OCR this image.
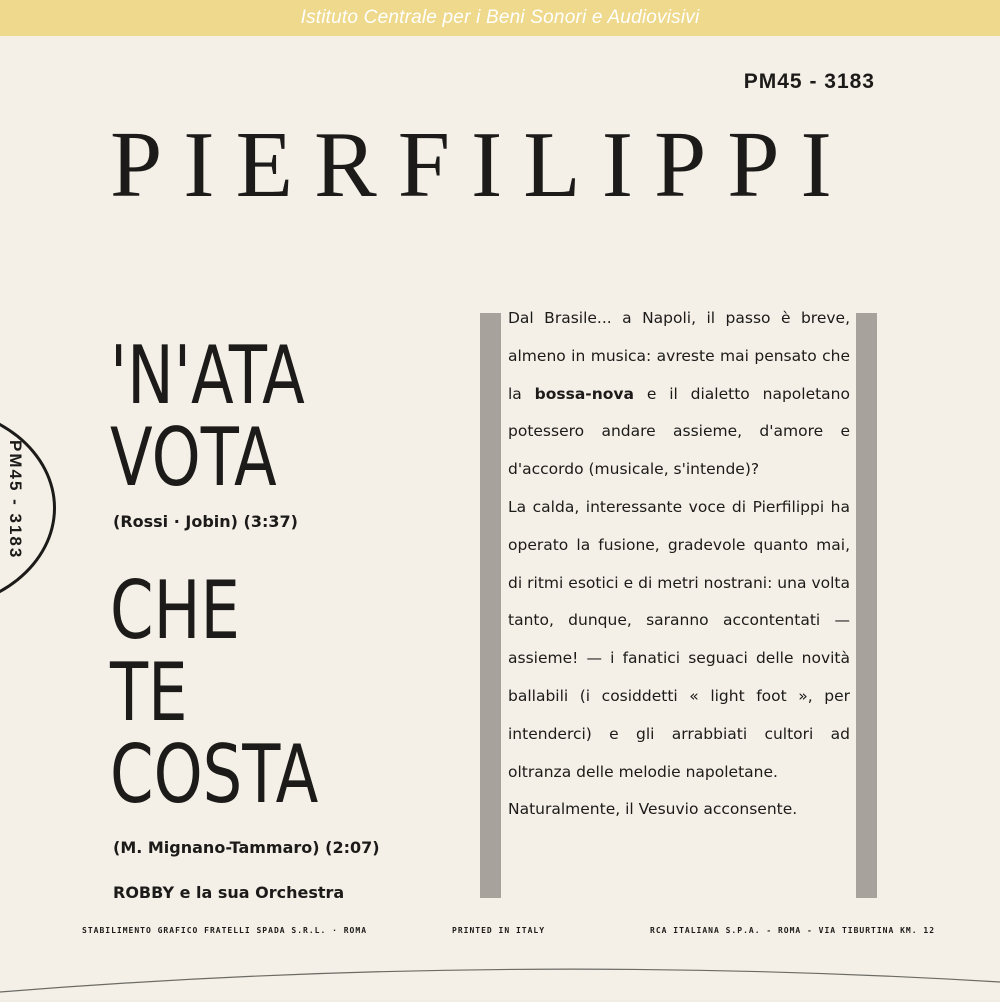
Istituto Centrale per i Beni Sonori e Audiovisivi
PM45 - 3183
PIERFILIPPI
'N'ATA
VOTA
(Rossi · Jobin) (3:37)
CHE
TE
COSTA
(M. Mignano-Tammaro) (2:07)
ROBBY e la sua Orchestra

Dal Brasile... a Napoli, il passo è breve, almeno in musica: avreste mai pensato che la bossa-nova e il dialetto napoletano potessero andare assieme, d'amore e d'accordo (musicale, s'intende)?

La calda, interessante voce di Pierfilippi ha operato la fusione, gradevole quanto mai, di ritmi esotici e di metri nostrani: una volta tanto, dunque, saranno accontentati — assieme! — i fanatici seguaci delle novità ballabili (i cosiddetti « light foot », per intenderci) e gli arrabbiati cultori ad oltranza delle melodie napoletane.

Naturalmente, il Vesuvio acconsente.

PM45 - 3183
STABILIMENTO GRAFICO FRATELLI SPADA S.R.L. · ROMA	PRINTED IN ITALY	RCA ITALIANA S.P.A. - ROMA - VIA TIBURTINA KM. 12
